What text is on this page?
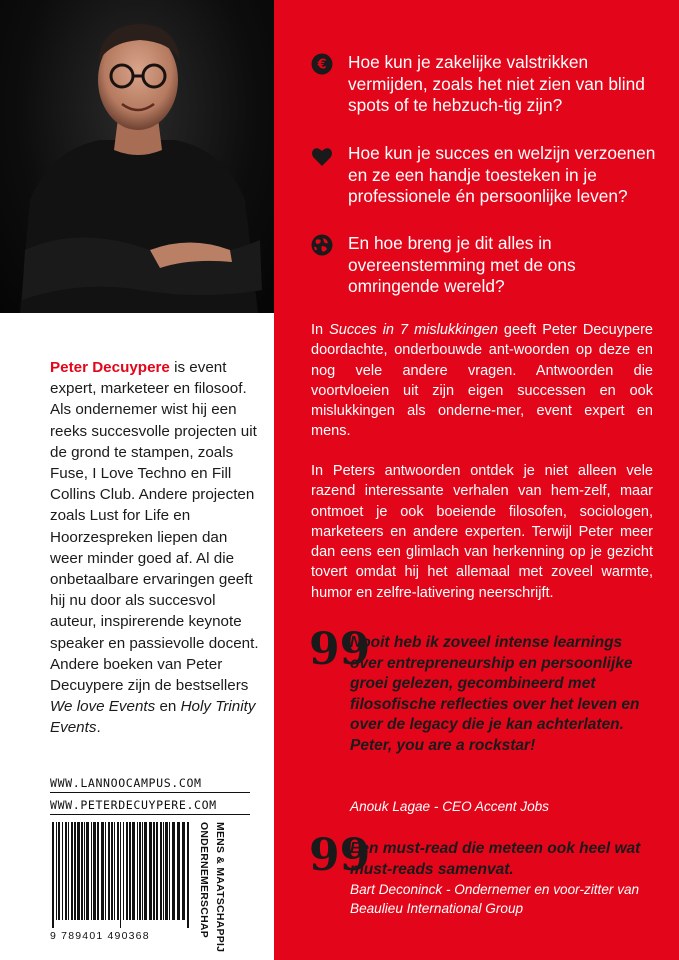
Peter Decuypere is event expert, marketeer en filosoof. Als ondernemer wist hij een reeks succesvolle projecten uit de grond te stampen, zoals Fuse, I Love Techno en Fill Collins Club. Andere projecten zoals Lust for Life en Hoorzespreken liepen dan weer minder goed af. Al die onbetaalbare ervaringen geeft hij nu door als succesvol auteur, inspirerende keynote speaker en passievolle docent. Andere boeken van Peter Decuypere zijn de bestsellers We love Events en Holy Trinity Events.
WWW.LANNOOCAMPUS.COM
WWW.PETERDECUYPERE.COM
9 789401 490368	ONDERNEMERSCHAP MENS & MAATSCHAPPIJ
€ Hoe kun je zakelijke valstrikken vermijden, zoals het niet zien van blind spots of te hebzuch-tig zijn?
Hoe kun je succes en welzijn verzoenen en ze een handje toesteken in je professionele én persoonlijke leven?
En hoe breng je dit alles in overeenstemming met de ons omringende wereld?
In Succes in 7 mislukkingen geeft Peter Decuypere doordachte, onderbouwde ant-woorden op deze en nog vele andere vragen. Antwoorden die voortvloeien uit zijn eigen successen en ook mislukkingen als onderne-mer, event expert en mens.
In Peters antwoorden ontdek je niet alleen vele razend interessante verhalen van hem-zelf, maar ontmoet je ook boeiende filosofen, sociologen, marketeers en andere experten. Terwijl Peter meer dan eens een glimlach van herkenning op je gezicht tovert omdat hij het allemaal met zoveel warmte, humor en zelfre-lativering neerschrijft.
99
Nooit heb ik zoveel intense learnings over entrepreneurship en persoonlijke groei gelezen, gecombineerd met filosofische reflecties over het leven en over de legacy die je kan achterlaten. Peter, you are a rockstar!
Anouk Lagae - CEO Accent Jobs
99
Een must-read die meteen ook heel wat must-reads samenvat.
Bart Deconinck - Ondernemer en voor-zitter van Beaulieu International Group
